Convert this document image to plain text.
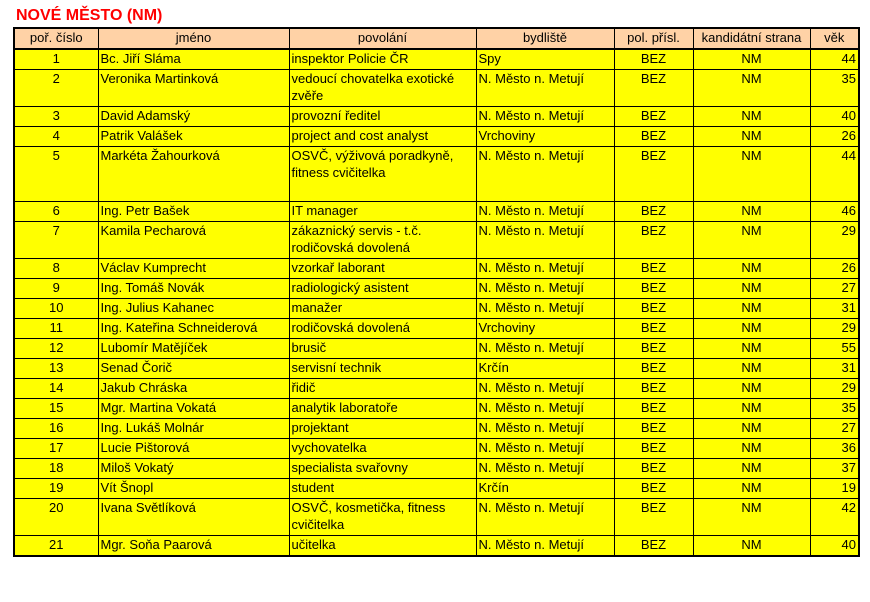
NOVÉ MĚSTO (NM)
poř. číslo	jméno	povolání	bydliště	pol. přísl.	kandidátní strana	věk
1	Bc. Jiří Sláma	inspektor Policie ČR	Spy	BEZ	NM	44
2	Veronika Martinková	vedoucí chovatelka exotické zvěře	N. Město n. Metují	BEZ	NM	35
3	David Adamský	provozní ředitel	N. Město n. Metují	BEZ	NM	40
4	Patrik Valášek	project and cost analyst	Vrchoviny	BEZ	NM	26
5	Markéta Žahourková	OSVČ, výživová poradkyně, fitness cvičitelka	N. Město n. Metují	BEZ	NM	44
6	Ing. Petr Bašek	IT manager	N. Město n. Metují	BEZ	NM	46
7	Kamila Pecharová	zákaznický servis - t.č. rodičovská dovolená	N. Město n. Metují	BEZ	NM	29
8	Václav Kumprecht	vzorkař laborant	N. Město n. Metují	BEZ	NM	26
9	Ing. Tomáš Novák	radiologický asistent	N. Město n. Metují	BEZ	NM	27
10	Ing. Julius Kahanec	manažer	N. Město n. Metují	BEZ	NM	31
11	Ing. Kateřina Schneiderová	rodičovská dovolená	Vrchoviny	BEZ	NM	29
12	Lubomír Matějíček	brusič	N. Město n. Metují	BEZ	NM	55
13	Senad Čorič	servisní technik	Krčín	BEZ	NM	31
14	Jakub Chráska	řidič	N. Město n. Metují	BEZ	NM	29
15	Mgr. Martina Vokatá	analytik laboratoře	N. Město n. Metují	BEZ	NM	35
16	Ing. Lukáš Molnár	projektant	N. Město n. Metují	BEZ	NM	27
17	Lucie Pištorová	vychovatelka	N. Město n. Metují	BEZ	NM	36
18	Miloš Vokatý	specialista svařovny	N. Město n. Metují	BEZ	NM	37
19	Vít Šnopl	student	Krčín	BEZ	NM	19
20	Ivana Světlíková	OSVČ, kosmetička, fitness cvičitelka	N. Město n. Metují	BEZ	NM	42
21	Mgr. Soňa Paarová	učitelka	N. Město n. Metují	BEZ	NM	40
